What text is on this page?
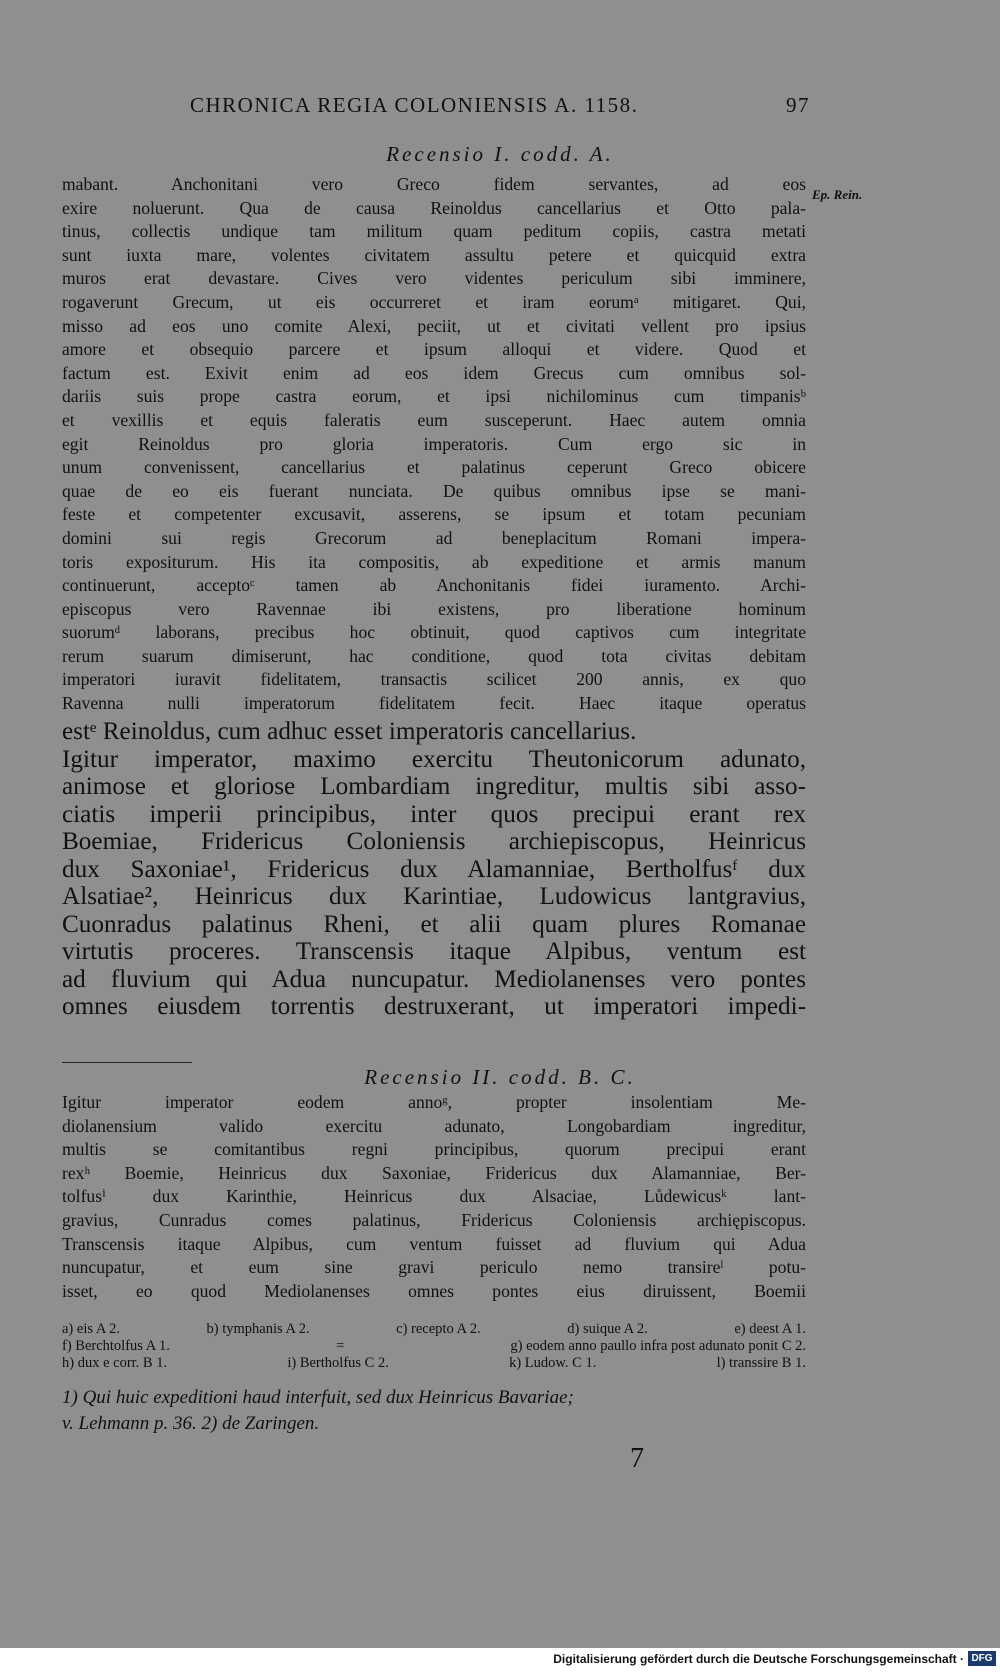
CHRONICA REGIA COLONIENSIS A. 1158.	97
Recensio I. codd. A.
Ep. Rein.
mabant. Anchonitani vero Greco fidem servantes, ad eos
exire noluerunt. Qua de causa Reinoldus cancellarius et Otto pala-
tinus, collectis undique tam militum quam peditum copiis, castra metati
sunt iuxta mare, volentes civitatem assultu petere et quicquid extra
muros erat devastare. Cives vero videntes periculum sibi imminere,
rogaverunt Grecum, ut eis occurreret et iram eorumᵃ mitigaret. Qui,
misso ad eos uno comite Alexi, peciit, ut et civitati vellent pro ipsius
amore et obsequio parcere et ipsum alloqui et videre. Quod et
factum est. Exivit enim ad eos idem Grecus cum omnibus sol-
dariis suis prope castra eorum, et ipsi nichilominus cum timpanisᵇ
et vexillis et equis faleratis eum susceperunt. Haec autem omnia
egit Reinoldus pro gloria imperatoris. Cum ergo sic in
unum convenissent, cancellarius et palatinus ceperunt Greco obicere
quae de eo eis fuerant nunciata. De quibus omnibus ipse se mani-
feste et competenter excusavit, asserens, se ipsum et totam pecuniam
domini sui regis Grecorum ad beneplacitum Romani impera-
toris expositurum. His ita compositis, ab expeditione et armis manum
continuerunt, acceptoᶜ tamen ab Anchonitanis fidei iuramento. Archi-
episcopus vero Ravennae ibi existens, pro liberatione hominum
suorumᵈ laborans, precibus hoc obtinuit, quod captivos cum integritate
rerum suarum dimiserunt, hac conditione, quod tota civitas debitam
imperatori iuravit fidelitatem, transactis scilicet 200 annis, ex quo
Ravenna nulli imperatorum fidelitatem fecit. Haec itaque operatus
estᵉ Reinoldus, cum adhuc esset imperatoris cancellarius.
Igitur imperator, maximo exercitu Theutonicorum adunato,
animose et gloriose Lombardiam ingreditur, multis sibi asso-
ciatis imperii principibus, inter quos precipui erant rex
Boemiae, Fridericus Coloniensis archiepiscopus, Heinricus
dux Saxoniae¹, Fridericus dux Alamanniae, Bertholfusᶠ dux
Alsatiae², Heinricus dux Karintiae, Ludowicus lantgravius,
Cuonradus palatinus Rheni, et alii quam plures Romanae
virtutis proceres. Transcensis itaque Alpibus, ventum est
ad fluvium qui Adua nuncupatur. Mediolanenses vero pontes
omnes eiusdem torrentis destruxerant, ut imperatori impedi-
Recensio II. codd. B. C.
Igitur imperator eodem annoᵍ, propter insolentiam Me-
diolanensium valido exercitu adunato, Longobardiam ingreditur,
multis se comitantibus regni principibus, quorum precipui erant
rexʰ Boemie, Heinricus dux Saxoniae, Fridericus dux Alamanniae, Ber-
tolfusⁱ dux Karinthie, Heinricus dux Alsaciae, Lůdewicusᵏ lant-
gravius, Cunradus comes palatinus, Fridericus Coloniensis archiępiscopus.
Transcensis itaque Alpibus, cum ventum fuisset ad fluvium qui Adua
nuncupatur, et eum sine gravi periculo nemo transireˡ potu-
isset, eo quod Mediolanenses omnes pontes eius diruissent, Boemii
a) eis A 2.	b) tymphanis A 2.	c) recepto A 2.	d) suique A 2.	e) deest A 1.
f) Berchtolfus A 1.	=	g) eodem anno paullo infra post adunato ponit C 2.
h) dux e corr. B 1.	i) Bertholfus C 2.	k) Ludow. C 1.	l) transsire B 1.
1) Qui huic expeditioni haud interfuit, sed dux Heinricus Bavariae;
v. Lehmann p. 36. 2) de Zaringen.
7
Digitalisierung gefördert durch die Deutsche Forschungsgemeinschaft · DFG
